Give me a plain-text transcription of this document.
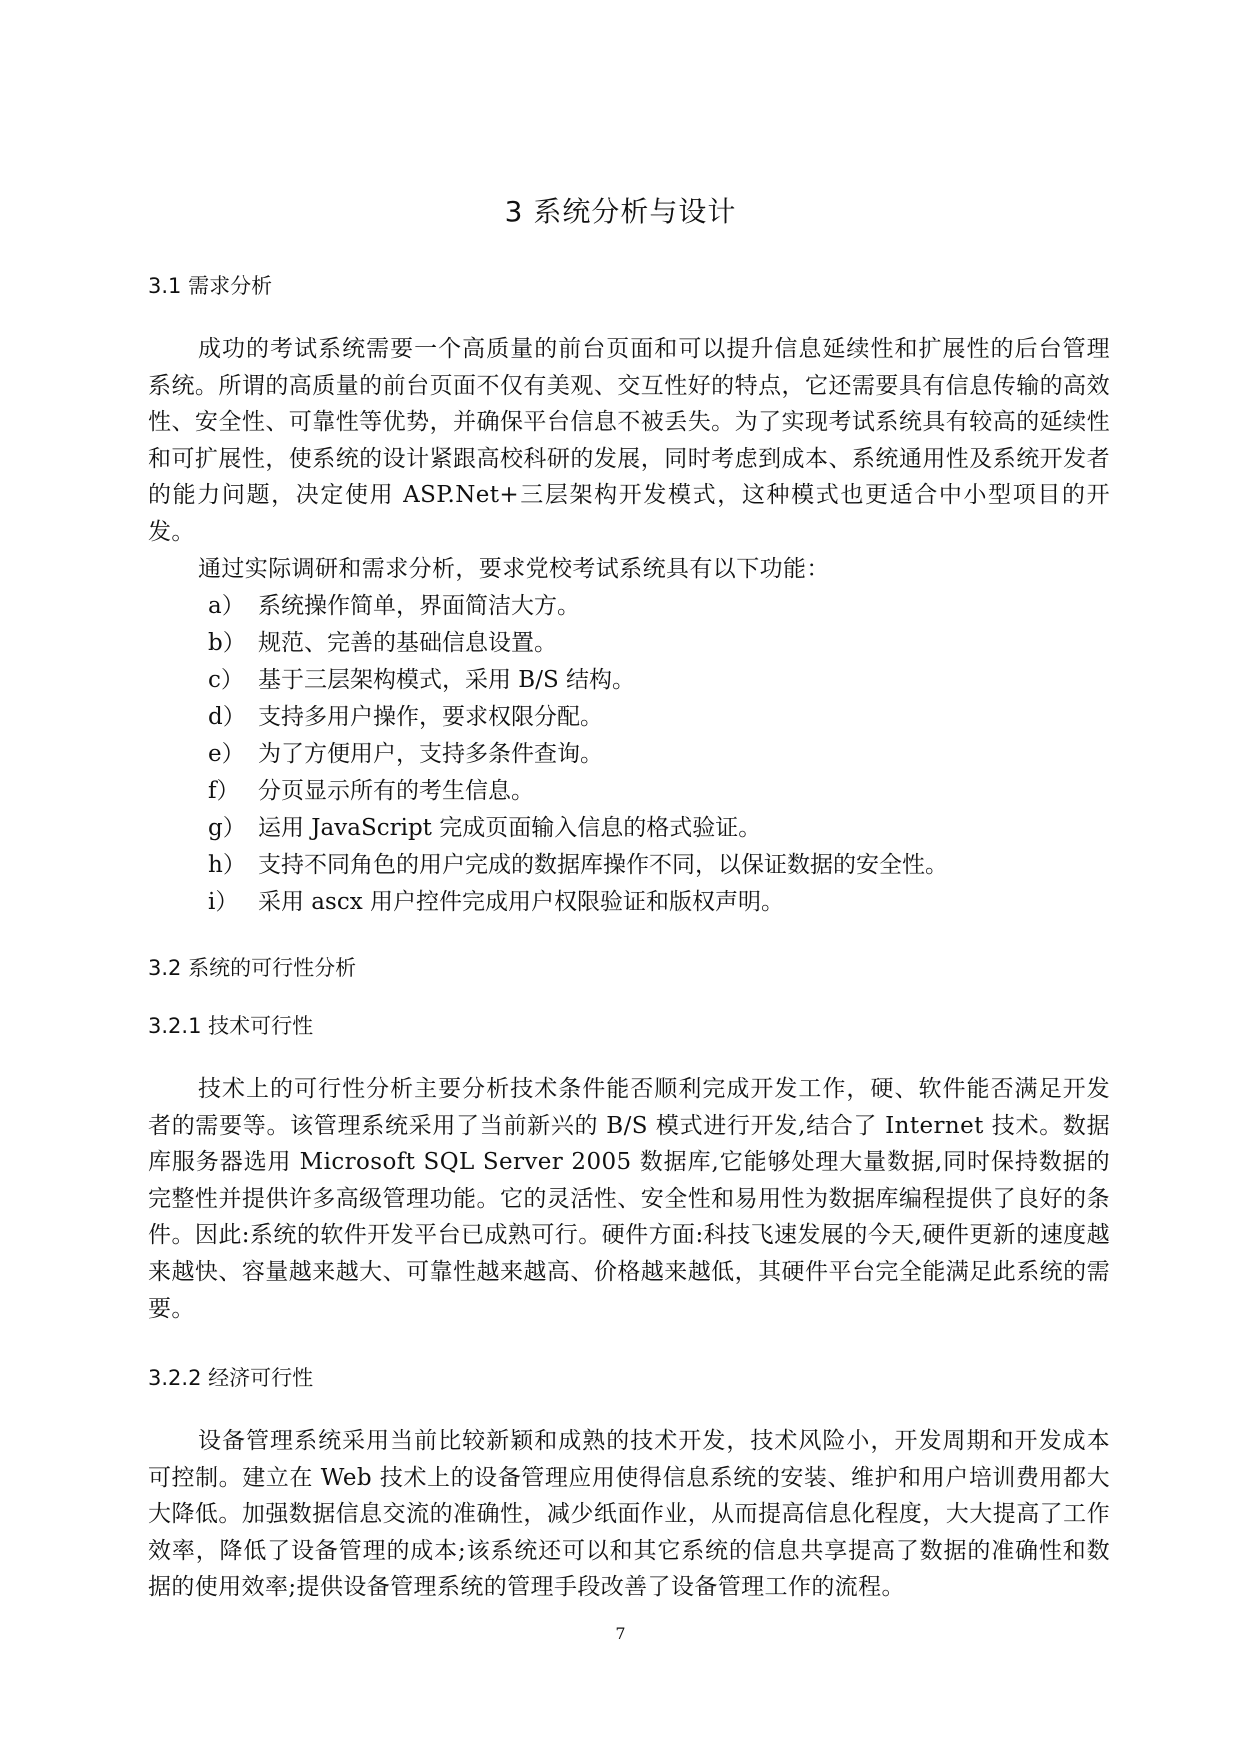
3 系统分析与设计
3.1 需求分析
成功的考试系统需要一个高质量的前台页面和可以提升信息延续性和扩展性的后台管理系统。所谓的高质量的前台页面不仅有美观、交互性好的特点，它还需要具有信息传输的高效性、安全性、可靠性等优势，并确保平台信息不被丢失。为了实现考试系统具有较高的延续性和可扩展性，使系统的设计紧跟高校科研的发展，同时考虑到成本、系统通用性及系统开发者的能力问题，决定使用 ASP.Net+三层架构开发模式，这种模式也更适合中小型项目的开发。
通过实际调研和需求分析，要求党校考试系统具有以下功能：
a） 系统操作简单，界面简洁大方。
b） 规范、完善的基础信息设置。
c） 基于三层架构模式，采用 B/S 结构。
d） 支持多用户操作，要求权限分配。
e） 为了方便用户，支持多条件查询。
f） 分页显示所有的考生信息。
g） 运用 JavaScript 完成页面输入信息的格式验证。
h） 支持不同角色的用户完成的数据库操作不同，以保证数据的安全性。
i） 采用 ascx 用户控件完成用户权限验证和版权声明。
3.2 系统的可行性分析
3.2.1 技术可行性
技术上的可行性分析主要分析技术条件能否顺利完成开发工作，硬、软件能否满足开发者的需要等。该管理系统采用了当前新兴的 B/S 模式进行开发,结合了 Internet 技术。数据库服务器选用 Microsoft SQL Server 2005 数据库,它能够处理大量数据,同时保持数据的完整性并提供许多高级管理功能。它的灵活性、安全性和易用性为数据库编程提供了良好的条件。因此:系统的软件开发平台已成熟可行。硬件方面:科技飞速发展的今天,硬件更新的速度越来越快、容量越来越大、可靠性越来越高、价格越来越低，其硬件平台完全能满足此系统的需要。
3.2.2 经济可行性
设备管理系统采用当前比较新颖和成熟的技术开发，技术风险小，开发周期和开发成本可控制。建立在 Web 技术上的设备管理应用使得信息系统的安装、维护和用户培训费用都大大降低。加强数据信息交流的准确性，减少纸面作业，从而提高信息化程度，大大提高了工作效率，降低了设备管理的成本;该系统还可以和其它系统的信息共享提高了数据的准确性和数据的使用效率;提供设备管理系统的管理手段改善了设备管理工作的流程。
7
